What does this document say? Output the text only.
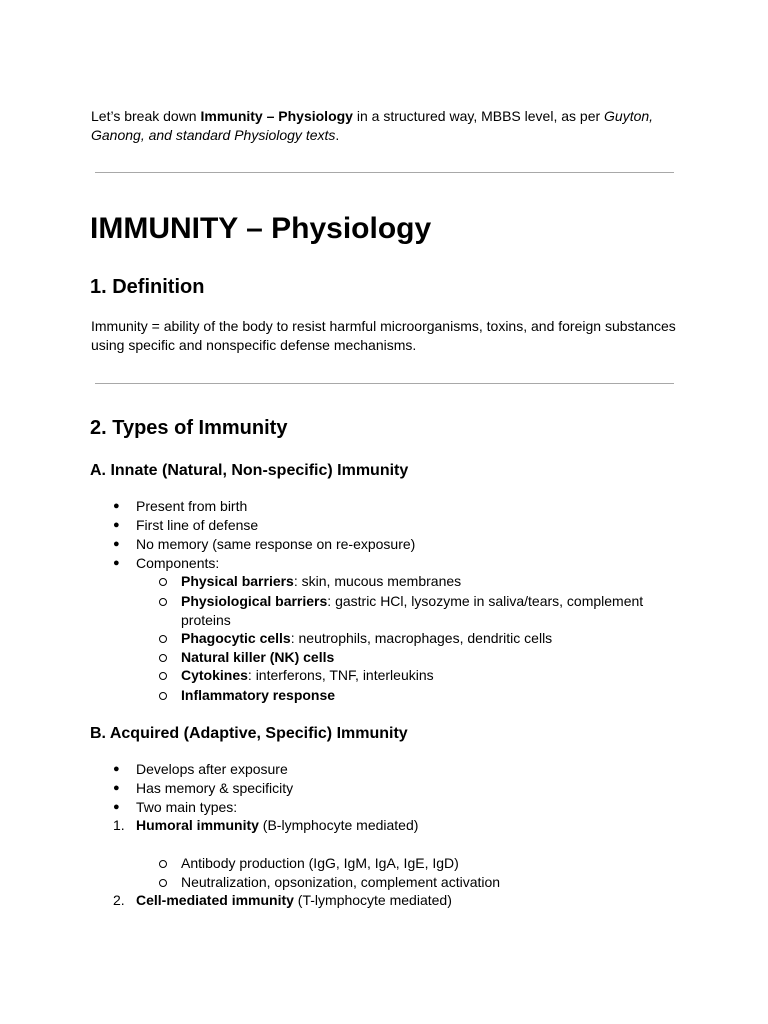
Let’s break down Immunity – Physiology in a structured way, MBBS level, as per Guyton,
Ganong, and standard Physiology texts.
IMMUNITY – Physiology
1. Definition
Immunity = ability of the body to resist harmful microorganisms, toxins, and foreign substances
using specific and nonspecific defense mechanisms.
2. Types of Immunity
A. Innate (Natural, Non-specific) Immunity
● Present from birth
● First line of defense
● No memory (same response on re-exposure)
● Components:
Physical barriers: skin, mucous membranes
Physiological barriers: gastric HCl, lysozyme in saliva/tears, complement
proteins
Phagocytic cells: neutrophils, macrophages, dendritic cells
Natural killer (NK) cells
Cytokines: interferons, TNF, interleukins
Inflammatory response
B. Acquired (Adaptive, Specific) Immunity
● Develops after exposure
● Has memory & specificity
● Two main types:
1. Humoral immunity (B-lymphocyte mediated)
Antibody production (IgG, IgM, IgA, IgE, IgD)
Neutralization, opsonization, complement activation
2. Cell-mediated immunity (T-lymphocyte mediated)
